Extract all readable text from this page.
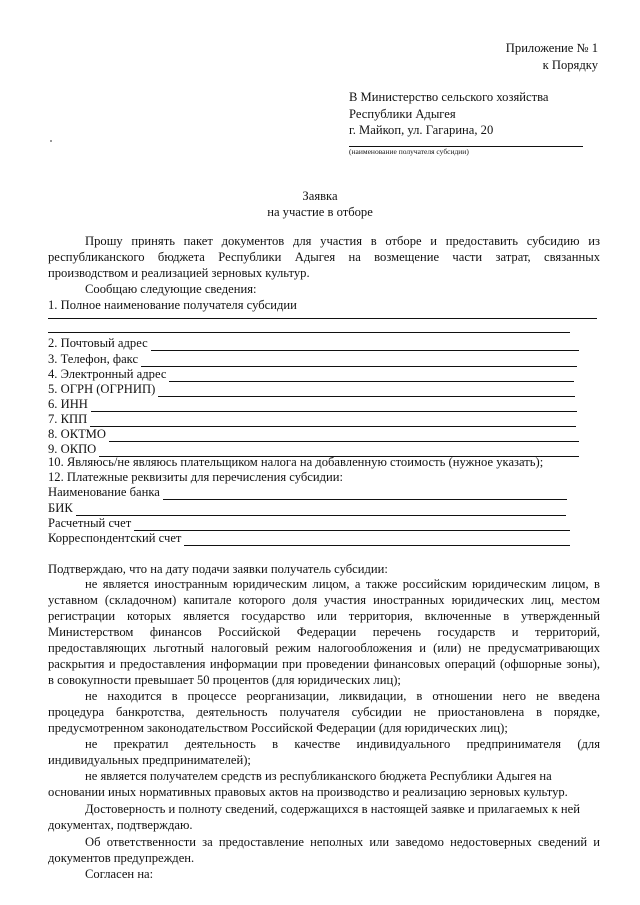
Приложение № 1
к Порядку
В Министерство сельского хозяйства
Республики Адыгея
г. Майкоп, ул. Гагарина, 20
(наименование получателя субсидии)
Заявка
на участие в отборе
Прошу принять пакет документов для участия в отборе и предоставить субсидию из
республиканского бюджета Республики Адыгея на возмещение части затрат, связанных
производством и реализацией зерновых культур.
Сообщаю следующие сведения:
1. Полное наименование получателя субсидии
2. Почтовый адрес
3. Телефон, факс
4. Электронный адрес
5. ОГРН (ОГРНИП)
6. ИНН
7. КПП
8. ОКТМО
9. ОКПО
10. Являюсь/не являюсь плательщиком налога на добавленную стоимость (нужное указать);
12. Платежные реквизиты для перечисления субсидии:
Наименование банка
БИК
Расчетный счет
Корреспондентский счет
Подтверждаю, что на дату подачи заявки получатель субсидии:
не является иностранным юридическим лицом, а также российским юридическим лицом, в
уставном (складочном) капитале которого доля участия иностранных юридических лиц, местом
регистрации которых является государство или территория, включенные в утвержденный
Министерством финансов Российской Федерации перечень государств и территорий,
предоставляющих льготный налоговый режим налогообложения и (или) не предусматривающих
раскрытия и предоставления информации при проведении финансовых операций (офшорные зоны),
в совокупности превышает 50 процентов (для юридических лиц);
не находится в процессе реорганизации, ликвидации, в отношении него не введена
процедура банкротства, деятельность получателя субсидии не приостановлена в порядке,
предусмотренном законодательством Российской Федерации (для юридических лиц);
не прекратил деятельность в качестве индивидуального предпринимателя (для
индивидуальных предпринимателей);
не является получателем средств из республиканского бюджета Республики Адыгея на
основании иных нормативных правовых актов на производство и реализацию зерновых культур.
Достоверность и полноту сведений, содержащихся в настоящей заявке и прилагаемых к ней
документах, подтверждаю.
Об ответственности за предоставление неполных или заведомо недостоверных сведений и
документов предупрежден.
Согласен на:
